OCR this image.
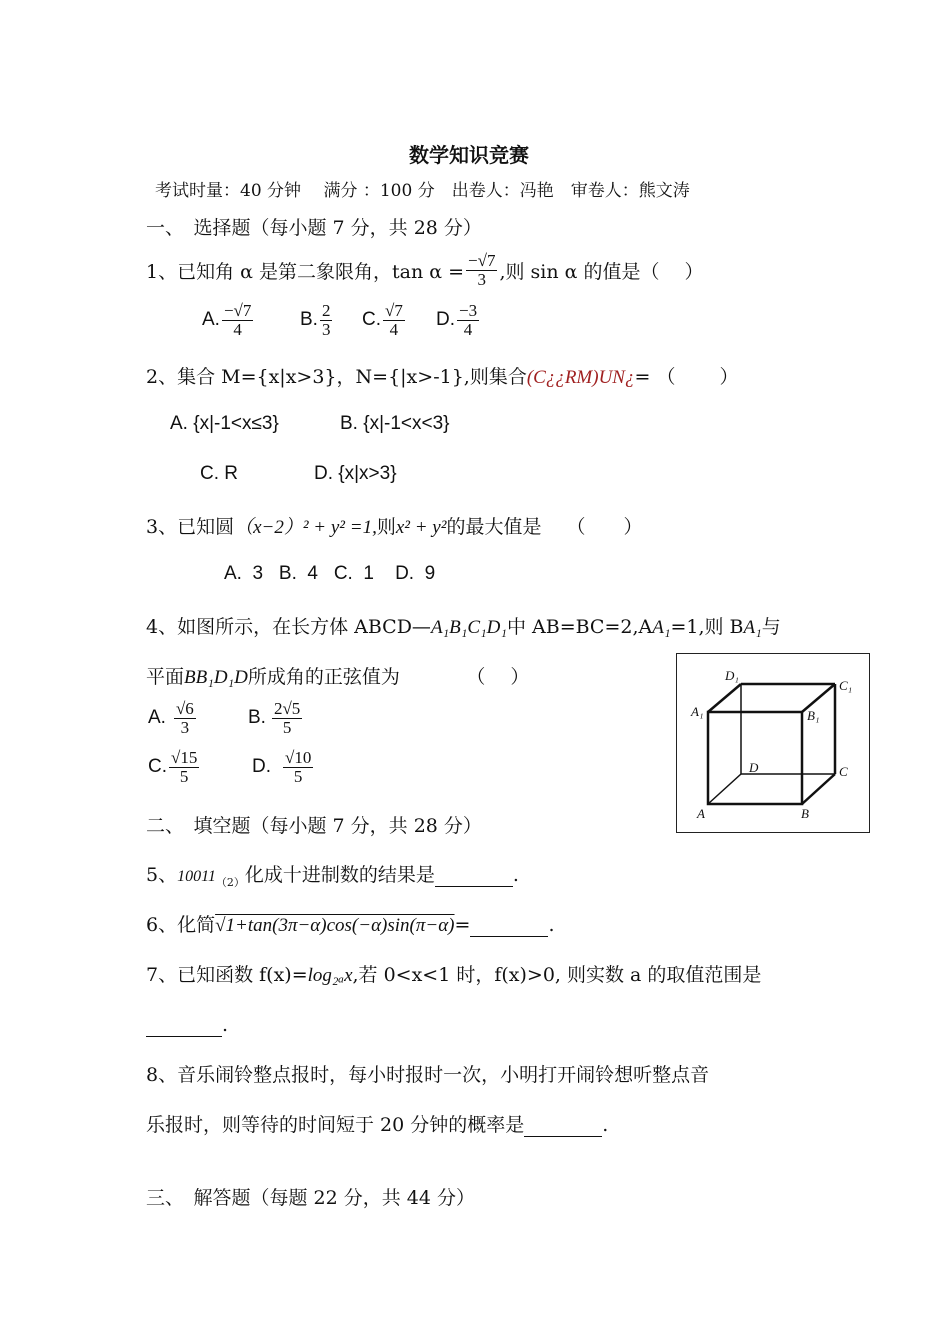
数学知识竞赛
考试时量：40 分钟　 满分 ：100 分　出卷人：冯艳　审卷人：熊文涛
一、　选择题（每小题 7 分，共 28 分）
1、已知角 α 是第二象限角，$\tan \alpha = \frac{-√7}{3}$ ,则 sin α 的值是（　 ）
A. $\frac{-√7}{4} B$. $\frac{2}{3} C$. $\frac{√7}{4} D$. $\frac{-3}{4}$
2、集合 M={x|x>3}，N={|x>-1},则集合(C¿¿RM)UN¿= （　 　）
A. {x|-1<x≤3}	B. {x|-1<x<3}
C. R	D. {x|x>3}
3、已知圆（x−2）² + y² =1,则x² + y²的最大值是　 （　　）
A.  3   B.  4   C.  1    D.  9
4、如图所示，在长方体 ABCD—A₁B₁C₁D₁中 AB=BC=2,AA₁=1,则 BA₁与
平面BB₁D₁D所成角的正弦值为　　　　（　 ）
A. $\frac{√6}{3}$	B. $\frac{2√5}{5}$
C. $\frac{√15}{5}$	D. $\frac{√10}{5}$
D₁
C₁
A₁	B₁
D	C
A	B
二、　填空题（每小题 7 分，共 28 分）
5、$10011_{(2)}$化成十进制数的结果是	.
6、化简√1+tan(3π−α)cos(−α)sin(π−α)=	.
7、已知函数 f(x)=log₂ₐx,若 0<x<1 时，f(x)>0, 则实数 a 的取值范围是
.
8、音乐闹铃整点报时，每小时报时一次，小明打开闹铃想听整点音
乐报时，则等待的时间短于 20 分钟的概率是	.
三、　解答题（每题 22 分，共 44 分）
